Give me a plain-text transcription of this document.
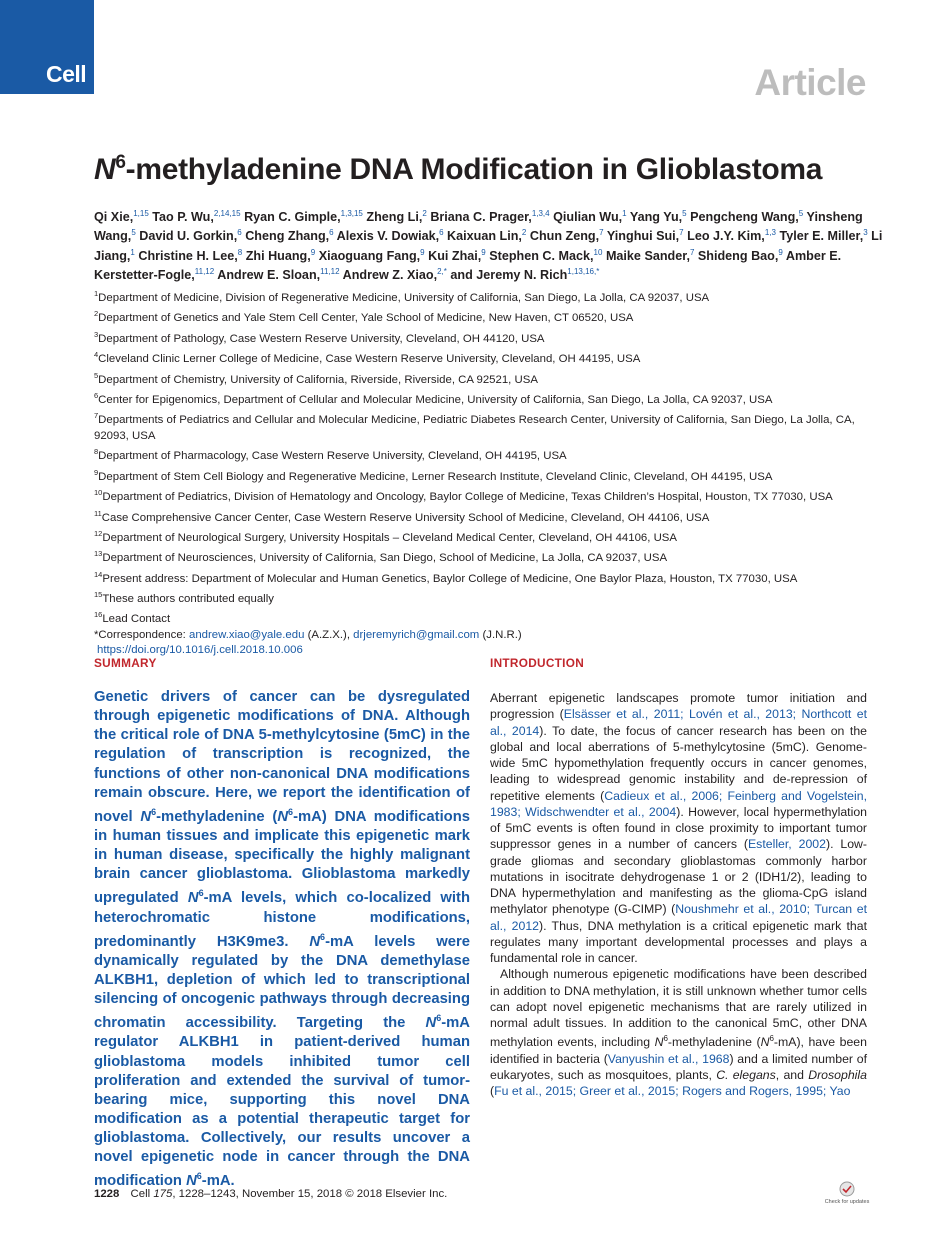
Cell	Article
$N^6$-methyladenine DNA Modification in Glioblastoma
Qi Xie,$^{1,15}$ Tao P. Wu,$^{2,14,15}$ Ryan C. Gimple,$^{1,3,15}$ Zheng Li,$^2$ Briana C. Prager,$^{1,3,4}$ Qiulian Wu,$^1$ Yang Yu,$^5$ Pengcheng Wang,$^5$ Yinsheng Wang,$^5$ David U. Gorkin,$^6$ Cheng Zhang,$^6$ Alexis V. Dowiak,$^6$ Kaixuan Lin,$^2$ Chun Zeng,$^7$ Yinghui Sui,$^7$ Leo J.Y. Kim,$^{1,3}$ Tyler E. Miller,$^3$ Li Jiang,$^1$ Christine H. Lee,$^8$ Zhi Huang,$^9$ Xiaoguang Fang,$^9$ Kui Zhai,$^9$ Stephen C. Mack,$^{10}$ Maike Sander,$^7$ Shideng Bao,$^9$ Amber E. Kerstetter-Fogle,$^{11,12}$ Andrew E. Sloan,$^{11,12}$ Andrew Z. Xiao,$^{2,*}$ and Jeremy N. Rich$^{1,13,16,*}$
$^1$Department of Medicine, Division of Regenerative Medicine, University of California, San Diego, La Jolla, CA 92037, USA
$^2$Department of Genetics and Yale Stem Cell Center, Yale School of Medicine, New Haven, CT 06520, USA
$^3$Department of Pathology, Case Western Reserve University, Cleveland, OH 44120, USA
$^4$Cleveland Clinic Lerner College of Medicine, Case Western Reserve University, Cleveland, OH 44195, USA
$^5$Department of Chemistry, University of California, Riverside, Riverside, CA 92521, USA
$^6$Center for Epigenomics, Department of Cellular and Molecular Medicine, University of California, San Diego, La Jolla, CA 92037, USA
$^7$Departments of Pediatrics and Cellular and Molecular Medicine, Pediatric Diabetes Research Center, University of California, San Diego, La Jolla, CA, 92093, USA
$^8$Department of Pharmacology, Case Western Reserve University, Cleveland, OH 44195, USA
$^9$Department of Stem Cell Biology and Regenerative Medicine, Lerner Research Institute, Cleveland Clinic, Cleveland, OH 44195, USA
$^{10}$Department of Pediatrics, Division of Hematology and Oncology, Baylor College of Medicine, Texas Children’s Hospital, Houston, TX 77030, USA
$^{11}$Case Comprehensive Cancer Center, Case Western Reserve University School of Medicine, Cleveland, OH 44106, USA
$^{12}$Department of Neurological Surgery, University Hospitals – Cleveland Medical Center, Cleveland, OH 44106, USA
$^{13}$Department of Neurosciences, University of California, San Diego, School of Medicine, La Jolla, CA 92037, USA
$^{14}$Present address: Department of Molecular and Human Genetics, Baylor College of Medicine, One Baylor Plaza, Houston, TX 77030, USA
$^{15}$These authors contributed equally
$^{16}$Lead Contact
*Correspondence: andrew.xiao@yale.edu (A.Z.X.), drjeremyrich@gmail.com (J.N.R.)
https://doi.org/10.1016/j.cell.2018.10.006
SUMMARY	INTRODUCTION
Genetic drivers of cancer can be dysregulated through epigenetic modifications of DNA. Although the critical role of DNA 5-methylcytosine (5mC) in the regulation of transcription is recognized, the functions of other non-canonical DNA modifications remain obscure. Here, we report the identification of novel $N^6$-methyladenine $(N^6-mA)$ DNA modifications in human tissues and implicate this epigenetic mark in human disease, specifically the highly malignant brain cancer glioblastoma. Glioblastoma markedly upregulated $N^6-mA$ levels, which co-localized with heterochromatic histone modifications, predominantly H3K9me3. $N^6-mA$ levels were dynamically regulated by the DNA demethylase ALKBH1, depletion of which led to transcriptional silencing of oncogenic pathways through decreasing chromatin accessibility. Targeting the $N^6-mA$ regulator ALKBH1 in patient-derived human glioblastoma models inhibited tumor cell proliferation and extended the survival of tumor-bearing mice, supporting this novel DNA modification as a potential therapeutic target for glioblastoma. Collectively, our results uncover a novel epigenetic node in cancer through the DNA modification $N^6-mA$.

Aberrant epigenetic landscapes promote tumor initiation and progression (Elsässer et al., 2011; Lovén et al., 2013; Northcott et al., 2014). To date, the focus of cancer research has been on the global and local aberrations of 5-methylcytosine (5mC). Genome-wide 5mC hypomethylation frequently occurs in cancer genomes, leading to widespread genomic instability and de-repression of repetitive elements (Cadieux et al., 2006; Feinberg and Vogelstein, 1983; Widschwendter et al., 2004). However, local hypermethylation of 5mC events is often found in close proximity to important tumor suppressor genes in a number of cancers (Esteller, 2002). Low-grade gliomas and secondary glioblastomas commonly harbor mutations in isocitrate dehydrogenase 1 or 2 (IDH1/2), leading to DNA hypermethylation and manifesting as the glioma-CpG island methylator phenotype (G-CIMP) (Noushmehr et al., 2010; Turcan et al., 2012). Thus, DNA methylation is a critical epigenetic mark that regulates many important developmental processes and plays a fundamental role in cancer.

Although numerous epigenetic modifications have been described in addition to DNA methylation, it is still unknown whether tumor cells can adopt novel epigenetic mechanisms that are rarely utilized in normal adult tissues. In addition to the canonical 5mC, other DNA methylation events, including $N^6$-methyladenine $(N^6-mA)$, have been identified in bacteria (Vanyushin et al., 1968) and a limited number of eukaryotes, such as mosquitoes, plants, C. elegans, and Drosophila (Fu et al., 2015; Greer et al., 2015; Rogers and Rogers, 1995; Yao

1228 Cell 175, 1228–1243, November 15, 2018 © 2018 Elsevier Inc.
Check for updates
